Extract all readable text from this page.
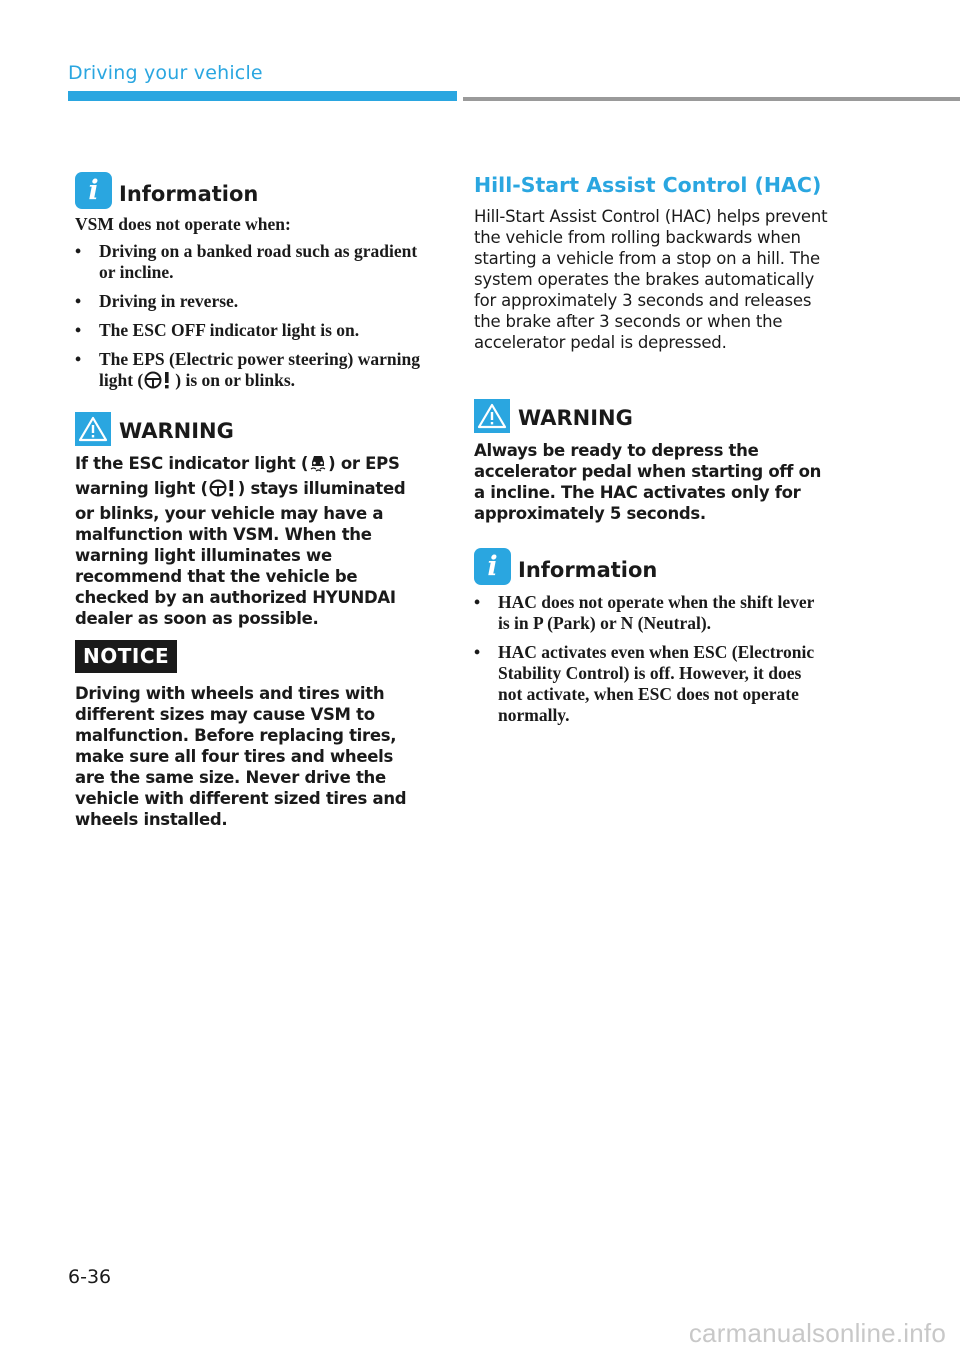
Driving your vehicle
i Information
VSM does not operate when:
• Driving on a banked road such as gradient or incline.
• Driving in reverse.
• The ESC OFF indicator light is on.
• The EPS (Electric power steering) warning light ( ) is on or blinks.
WARNING
If the ESC indicator light ( ) or EPS warning light ( ) stays illuminated or blinks, your vehicle may have a malfunction with VSM. When the warning light illuminates we recommend that the vehicle be checked by an authorized HYUNDAI dealer as soon as possible.
NOTICE
Driving with wheels and tires with different sizes may cause VSM to malfunction. Before replacing tires, make sure all four tires and wheels are the same size. Never drive the vehicle with different sized tires and wheels installed.
Hill-Start Assist Control (HAC)
Hill-Start Assist Control (HAC) helps prevent the vehicle from rolling backwards when starting a vehicle from a stop on a hill. The system operates the brakes automatically for approximately 3 seconds and releases the brake after 3 seconds or when the accelerator pedal is depressed.
WARNING
Always be ready to depress the accelerator pedal when starting off on a incline. The HAC activates only for approximately 5 seconds.
i Information
• HAC does not operate when the shift lever is in P (Park) or N (Neutral).
• HAC activates even when ESC (Electronic Stability Control) is off. However, it does not activate, when ESC does not operate normally.
6-36
carmanualsonline.info
